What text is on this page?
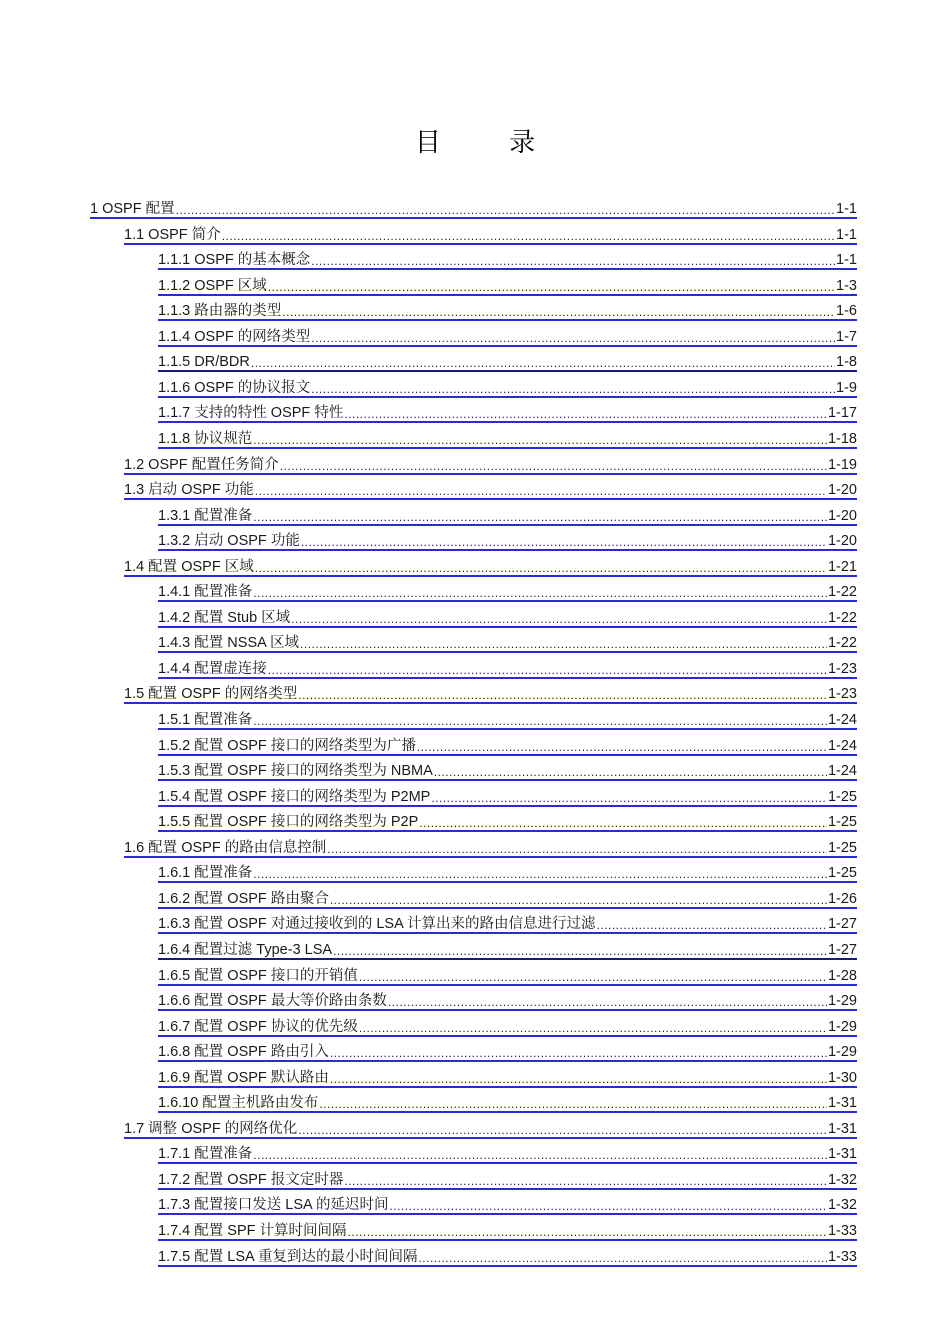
目 录
1 OSPF 配置 .....	1-1
1.1 OSPF 简介 .....	1-1
1.1.1 OSPF 的基本概念 .....	1-1
1.1.2 OSPF 区域 .....	1-3
1.1.3 路由器的类型 .....	1-6
1.1.4 OSPF 的网络类型 .....	1-7
1.1.5 DR/BDR .....	1-8
1.1.6 OSPF 的协议报文 .....	1-9
1.1.7 支持的特性 OSPF 特性 .....	1-17
1.1.8 协议规范 .....	1-18
1.2 OSPF 配置任务简介 .....	1-19
1.3 启动 OSPF 功能 .....	1-20
1.3.1 配置准备 .....	1-20
1.3.2 启动 OSPF 功能 .....	1-20
1.4 配置 OSPF 区域 .....	1-21
1.4.1 配置准备 .....	1-22
1.4.2 配置 Stub 区域 .....	1-22
1.4.3 配置 NSSA 区域 .....	1-22
1.4.4 配置虚连接 .....	1-23
1.5 配置 OSPF 的网络类型 .....	1-23
1.5.1 配置准备 .....	1-24
1.5.2 配置 OSPF 接口的网络类型为广播 .....	1-24
1.5.3 配置 OSPF 接口的网络类型为 NBMA .....	1-24
1.5.4 配置 OSPF 接口的网络类型为 P2MP .....	1-25
1.5.5 配置 OSPF 接口的网络类型为 P2P .....	1-25
1.6 配置 OSPF 的路由信息控制 .....	1-25
1.6.1 配置准备 .....	1-25
1.6.2 配置 OSPF 路由聚合 .....	1-26
1.6.3 配置 OSPF 对通过接收到的 LSA 计算出来的路由信息进行过滤 .....	1-27
1.6.4 配置过滤 Type-3 LSA .....	1-27
1.6.5 配置 OSPF 接口的开销值 .....	1-28
1.6.6 配置 OSPF 最大等价路由条数 .....	1-29
1.6.7 配置 OSPF 协议的优先级 .....	1-29
1.6.8 配置 OSPF 路由引入 .....	1-29
1.6.9 配置 OSPF 默认路由 .....	1-30
1.6.10 配置主机路由发布 .....	1-31
1.7 调整 OSPF 的网络优化 .....	1-31
1.7.1 配置准备 .....	1-31
1.7.2 配置 OSPF 报文定时器 .....	1-32
1.7.3 配置接口发送 LSA 的延迟时间 .....	1-32
1.7.4 配置 SPF 计算时间间隔 .....	1-33
1.7.5 配置 LSA 重复到达的最小时间间隔 .....	1-33
